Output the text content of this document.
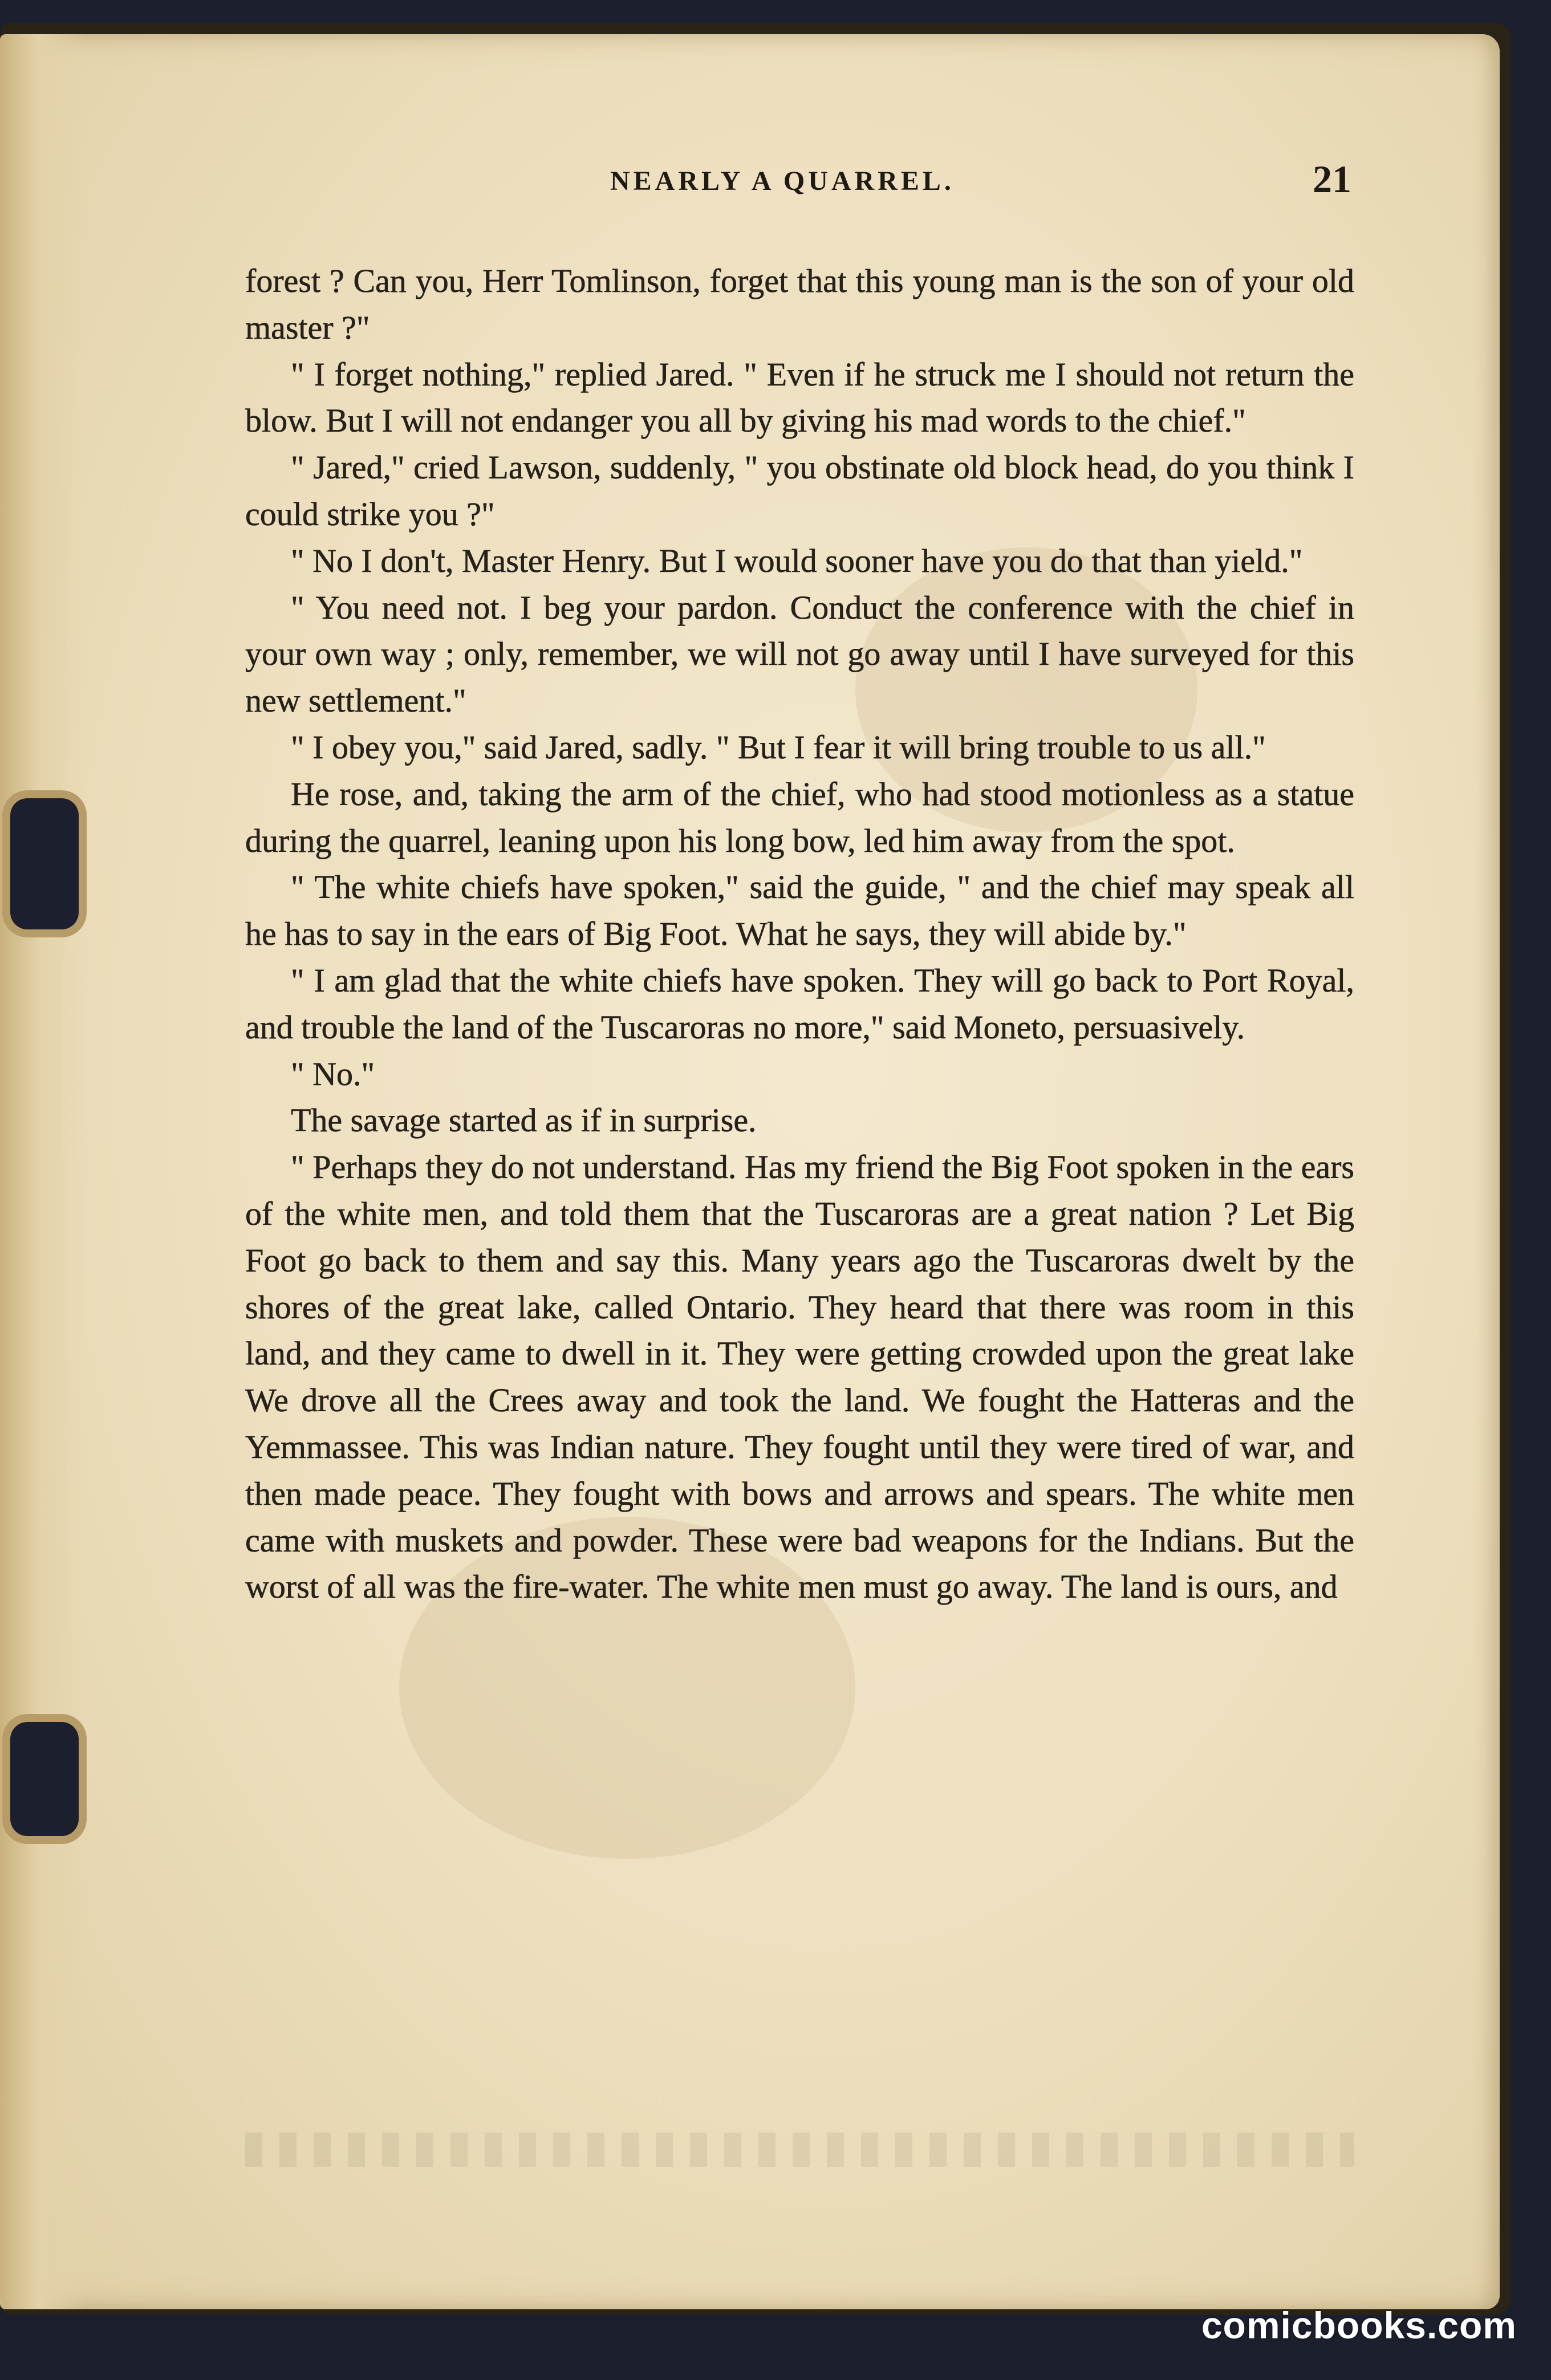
NEARLY A QUARREL.	21

forest ? Can you, Herr Tomlinson, forget that this young man is the son of your old master ?"

" I forget nothing," replied Jared. " Even if he struck me I should not return the blow. But I will not endanger you all by giving his mad words to the chief."

" Jared," cried Lawson, suddenly, " you obstinate old block head, do you think I could strike you ?"

" No I don't, Master Henry. But I would sooner have you do that than yield."

" You need not. I beg your pardon. Conduct the conference with the chief in your own way ; only, remember, we will not go away until I have surveyed for this new settlement."

" I obey you," said Jared, sadly. " But I fear it will bring trouble to us all."

He rose, and, taking the arm of the chief, who had stood motionless as a statue during the quarrel, leaning upon his long bow, led him away from the spot.

" The white chiefs have spoken," said the guide, " and the chief may speak all he has to say in the ears of Big Foot. What he says, they will abide by."

" I am glad that the white chiefs have spoken. They will go back to Port Royal, and trouble the land of the Tuscaroras no more," said Moneto, persuasively.

" No."

The savage started as if in surprise.

" Perhaps they do not understand. Has my friend the Big Foot spoken in the ears of the white men, and told them that the Tuscaroras are a great nation ? Let Big Foot go back to them and say this. Many years ago the Tuscaroras dwelt by the shores of the great lake, called Ontario. They heard that there was room in this land, and they came to dwell in it. They were getting crowded upon the great lake We drove all the Crees away and took the land. We fought the Hatteras and the Yemmassee. This was Indian nature. They fought until they were tired of war, and then made peace. They fought with bows and arrows and spears. The white men came with muskets and powder. These were bad weapons for the Indians. But the worst of all was the fire-water. The white men must go away. The land is ours, and

comicbooks.com
